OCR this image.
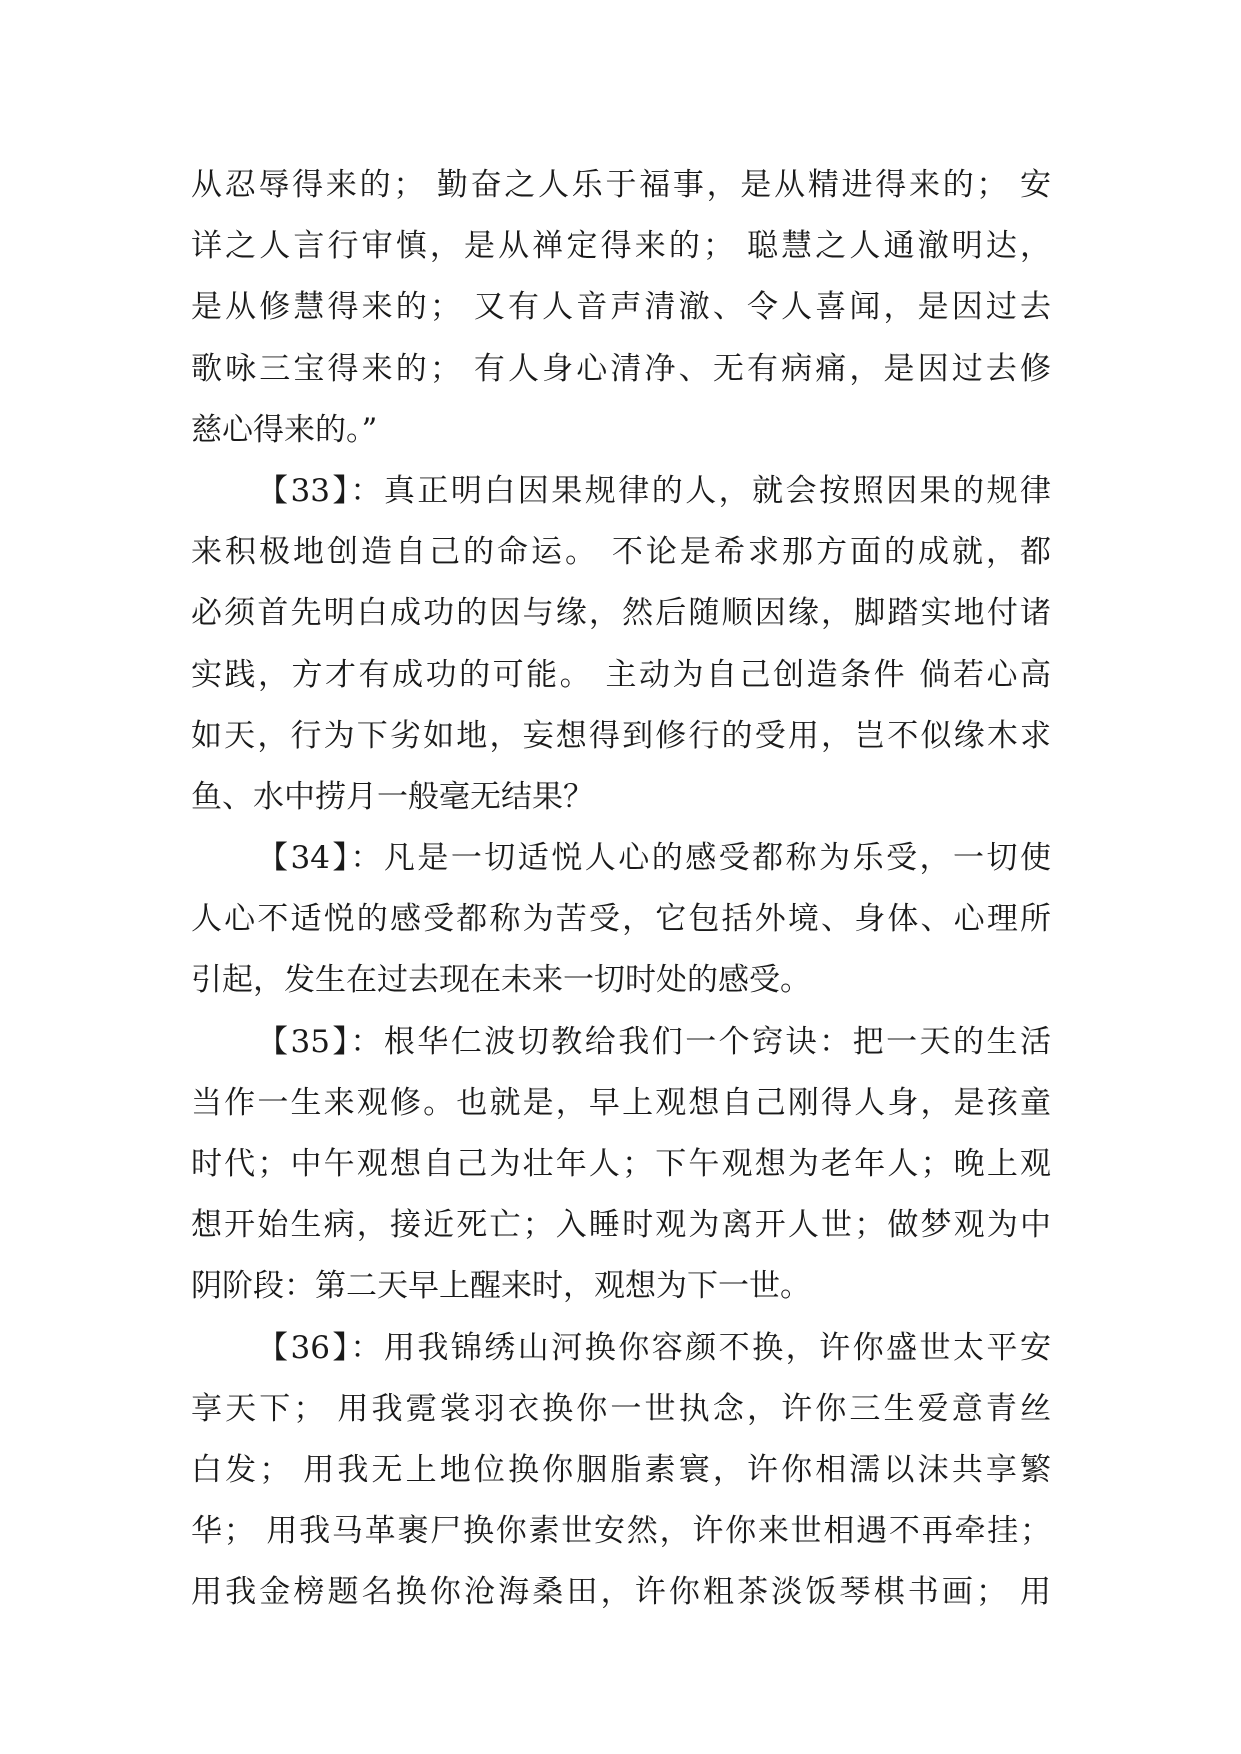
从忍辱得来的； 勤奋之人乐于福事，是从精进得来的； 安
详之人言行审慎，是从禅定得来的； 聪慧之人通澈明达，
是从修慧得来的； 又有人音声清澈、令人喜闻，是因过去
歌咏三宝得来的； 有人身心清净、无有病痛，是因过去修
慈心得来的。”
【33】：真正明白因果规律的人，就会按照因果的规律
来积极地创造自己的命运。 不论是希求那方面的成就，都
必须首先明白成功的因与缘，然后随顺因缘，脚踏实地付诸
实践，方才有成功的可能。 主动为自己创造条件 倘若心高
如天，行为下劣如地，妄想得到修行的受用，岂不似缘木求
鱼、水中捞月一般毫无结果？
【34】：凡是一切适悦人心的感受都称为乐受，一切使
人心不适悦的感受都称为苦受，它包括外境、身体、心理所
引起，发生在过去现在未来一切时处的感受。
【35】：根华仁波切教给我们一个窍诀：把一天的生活
当作一生来观修。也就是，早上观想自己刚得人身，是孩童
时代；中午观想自己为壮年人；下午观想为老年人；晚上观
想开始生病，接近死亡；入睡时观为离开人世；做梦观为中
阴阶段：第二天早上醒来时，观想为下一世。
【36】：用我锦绣山河换你容颜不换，许你盛世太平安
享天下； 用我霓裳羽衣换你一世执念，许你三生爱意青丝
白发； 用我无上地位换你胭脂素寰，许你相濡以沫共享繁
华； 用我马革裹尸换你素世安然，许你来世相遇不再牵挂；
用我金榜题名换你沧海桑田，许你粗茶淡饭琴棋书画； 用
